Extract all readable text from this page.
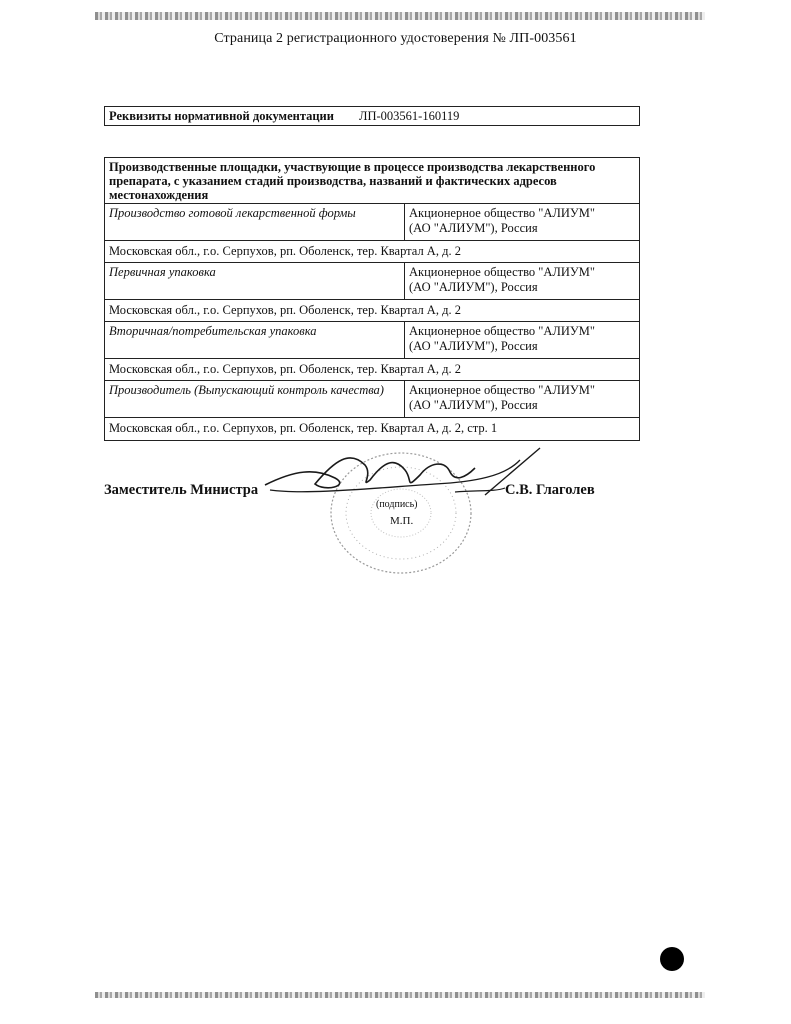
Страница 2 регистрационного удостоверения № ЛП-003561
Реквизиты нормативной документации	ЛП-003561-160119
Производственные площадки, участвующие в процессе производства лекарственного препарата, с указанием стадий производства, названий и фактических адресов местонахождения
Производство готовой лекарственной формы	Акционерное общество "АЛИУМ"
(АО "АЛИУМ"), Россия
Московская обл., г.о. Серпухов, рп. Оболенск, тер. Квартал А, д. 2
Первичная упаковка	Акционерное общество "АЛИУМ"
(АО "АЛИУМ"), Россия
Московская обл., г.о. Серпухов, рп. Оболенск, тер. Квартал А, д. 2
Вторичная/потребительская упаковка	Акционерное общество "АЛИУМ"
(АО "АЛИУМ"), Россия
Московская обл., г.о. Серпухов, рп. Оболенск, тер. Квартал А, д. 2
Производитель (Выпускающий контроль качества)	Акционерное общество "АЛИУМ"
(АО "АЛИУМ"), Россия
Московская обл., г.о. Серпухов, рп. Оболенск, тер. Квартал А, д. 2, стр. 1
Заместитель Министра	С.В. Глаголев
(подпись)
М.П.
